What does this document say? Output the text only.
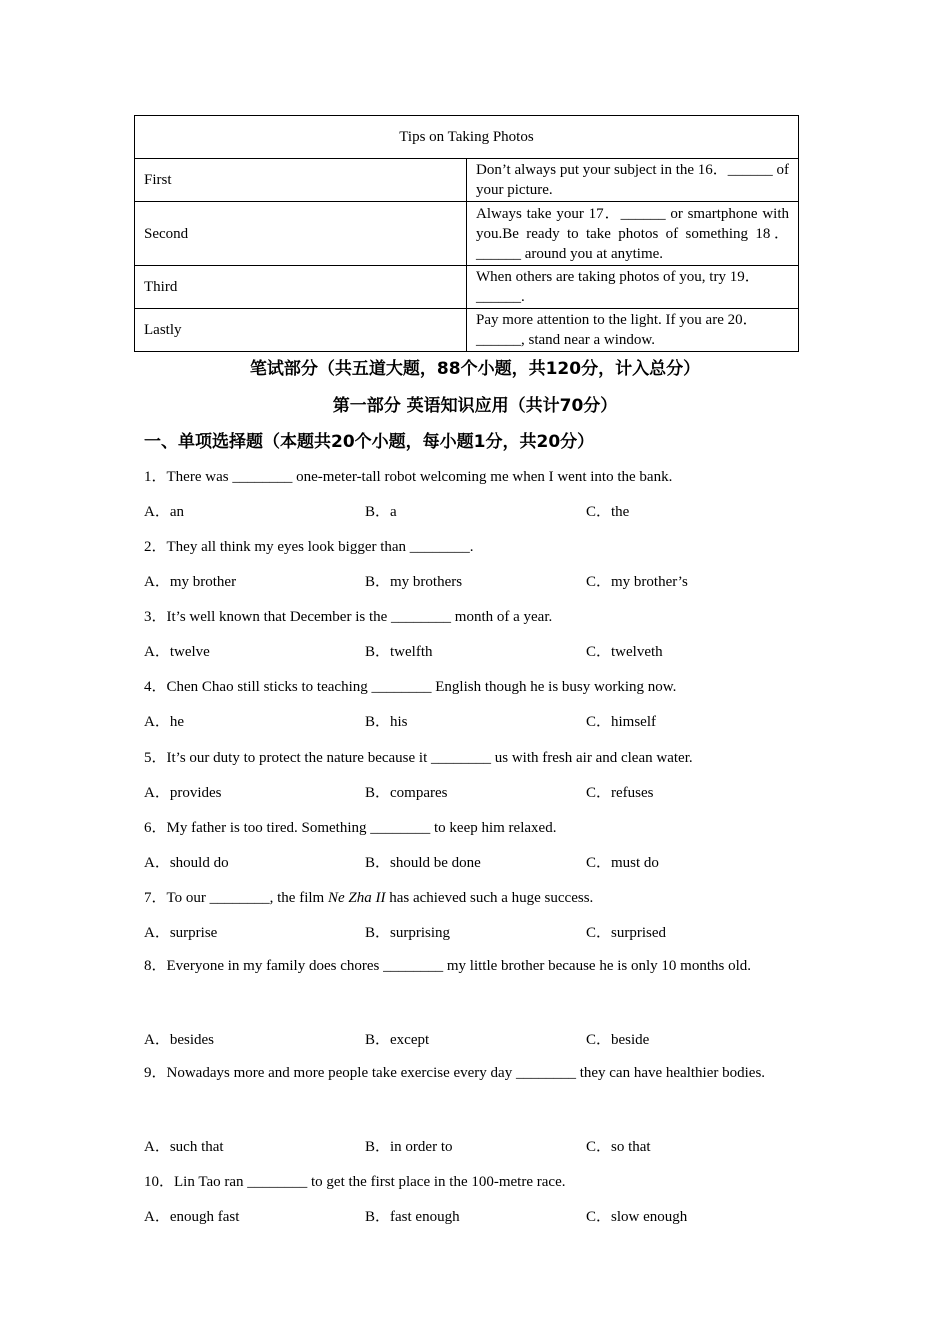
Tips on Taking Photos	
First	Don’t always put your subject in the 16．______ of your picture.
Second	Always take your 17．______ or smartphone with you.Be ready to take photos of something 18．______ around you at anytime.
Third	When others are taking photos of you, try 19．______.
Lastly	Pay more attention to the light. If you are 20．______, stand near a window.
笔试部分（共五道大题，88个小题，共120分，计入总分）
第一部分 英语知识应用（共计70分）
一、单项选择题（本题共20个小题，每小题1分，共20分）
1．There was ________ one-meter-tall robot welcoming me when I went into the bank.
A．an	B．a	C．the
2．They all think my eyes look bigger than ________.
A．my brother	B．my brothers	C．my brother’s
3．It’s well known that December is the ________ month of a year.
A．twelve	B．twelfth	C．twelveth
4．Chen Chao still sticks to teaching ________ English though he is busy working now.
A．he	B．his	C．himself
5．It’s our duty to protect the nature because it ________ us with fresh air and clean water.
A．provides	B．compares	C．refuses
6．My father is too tired. Something ________ to keep him relaxed.
A．should do	B．should be done	C．must do
7．To our ________, the film Ne Zha II has achieved such a huge success.
A．surprise	B．surprising	C．surprised
8．Everyone in my family does chores ________ my little brother because he is only 10 months old.
A．besides	B．except	C．beside
9．Nowadays more and more people take exercise every day ________ they can have healthier bodies.
A．such that	B．in order to	C．so that
10．Lin Tao ran ________ to get the first place in the 100-metre race.
A．enough fast	B．fast enough	C．slow enough
